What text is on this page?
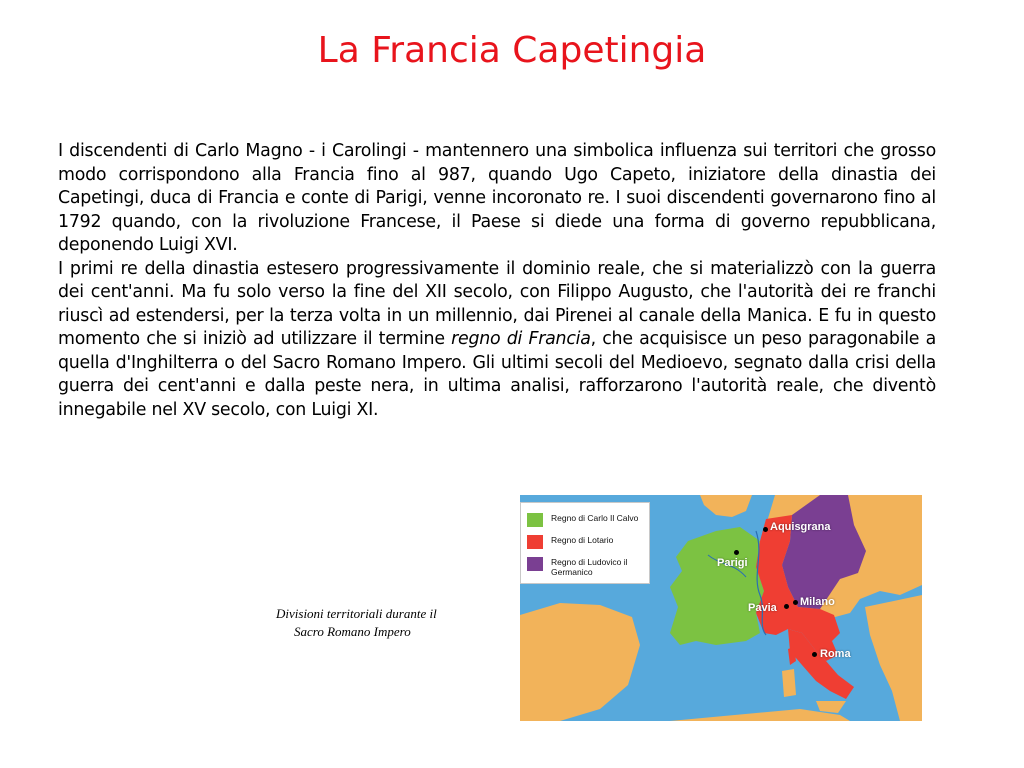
La Francia Capetingia

I discendenti di Carlo Magno - i Carolingi - mantennero una simbolica influenza sui territori che grosso modo corrispondono alla Francia fino al 987, quando Ugo Capeto, iniziatore della dinastia dei Capetingi, duca di Francia e conte di Parigi, venne incoronato re. I suoi discendenti governarono fino al 1792 quando, con la rivoluzione Francese, il Paese si diede una forma di governo repubblicana, deponendo Luigi XVI.

I primi re della dinastia estesero progressivamente il dominio reale, che si materializzò con la guerra dei cent'anni. Ma fu solo verso la fine del XII secolo, con Filippo Augusto, che l'autorità dei re franchi riuscì ad estendersi, per la terza volta in un millennio, dai Pirenei al canale della Manica. E fu in questo momento che si iniziò ad utilizzare il termine regno di Francia, che acquisisce un peso paragonabile a quella d'Inghilterra o del Sacro Romano Impero. Gli ultimi secoli del Medioevo, segnato dalla crisi della guerra dei cent'anni e dalla peste nera, in ultima analisi, rafforzarono l'autorità reale, che diventò innegabile nel XV secolo, con Luigi XI.

Divisioni territoriali durante il
Sacro Romano Impero
Regno di Carlo Il Calvo
Regno di Lotario
Regno di Ludovico il Germanico
Aquisgrana
Parigi
Pavia Milano
Roma
